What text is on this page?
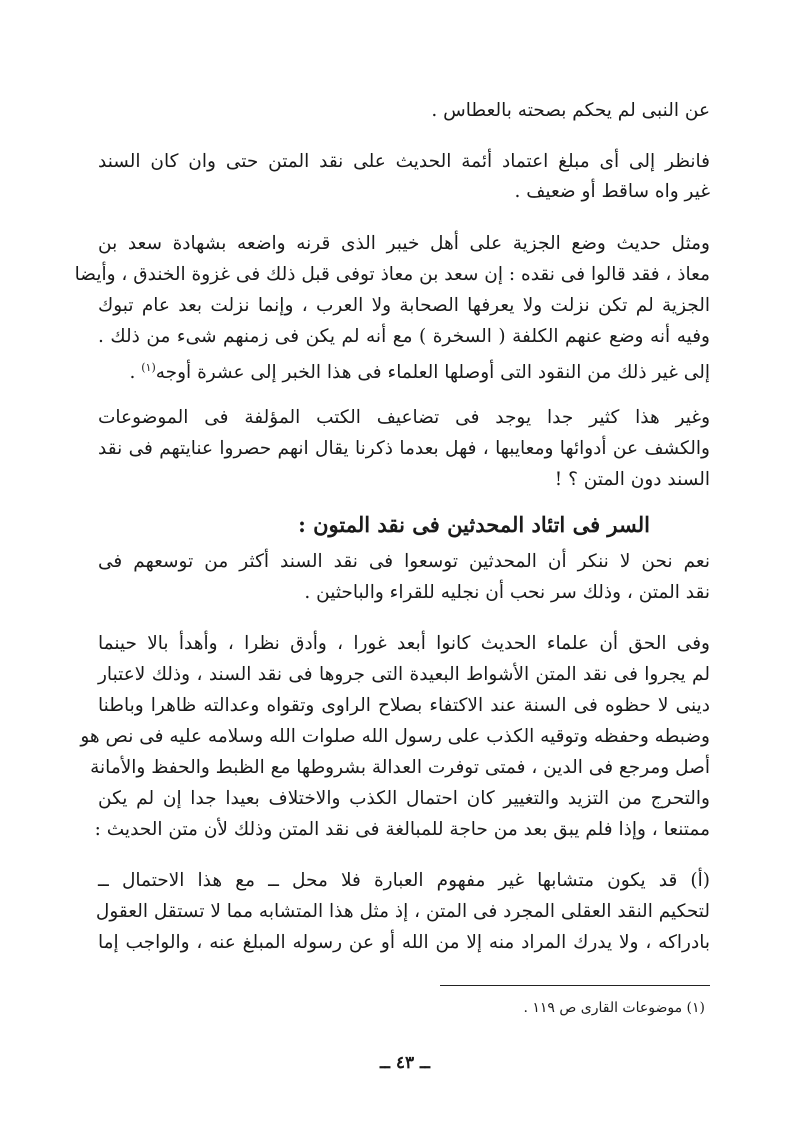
عن النبى لم يحكم بصحته بالعطاس .
فانظر إلى أى مبلغ اعتماد أئمة الحديث على نقد المتن حتى وان كان السند
غير واه ساقط أو ضعيف .
ومثل حديث وضع الجزية على أهل خيبر الذى قرنه واضعه بشهادة سعد بن
معاذ ، فقد قالوا فى نقده : إن سعد بن معاذ توفى قبل ذلك فى غزوة الخندق ، وأيضا
الجزية لم تكن نزلت ولا يعرفها الصحابة ولا العرب ، وإنما نزلت بعد عام تبوك
وفيه أنه وضع عنهم الكلفة ( السخرة ) مع أنه لم يكن فى زمنهم شىء من ذلك .
إلى غير ذلك من النقود التى أوصلها العلماء فى هذا الخبر إلى عشرة أوجه$^{(١)}$ .
وغير هذا كثير جدا يوجد فى تضاعيف الكتب المؤلفة فى الموضوعات
والكشف عن أدوائها ومعايبها ، فهل بعدما ذكرنا يقال انهم حصروا عنايتهم فى نقد
السند دون المتن ؟ !
السر فى اتئاد المحدثين فى نقد المتون :
نعم نحن لا ننكر أن المحدثين توسعوا فى نقد السند أكثر من توسعهم فى
نقد المتن ، وذلك سر نحب أن نجليه للقراء والباحثين .
وفى الحق أن علماء الحديث كانوا أبعد غورا ، وأدق نظرا ، وأهدأ بالا حينما
لم يجروا فى نقد المتن الأشواط البعيدة التى جروها فى نقد السند ، وذلك لاعتبار
دينى لا حظوه فى السنة عند الاكتفاء بصلاح الراوى وتقواه وعدالته ظاهرا وباطنا
وضبطه وحفظه وتوقيه الكذب على رسول الله صلوات الله وسلامه عليه فى نص هو
أصل ومرجع فى الدين ، فمتى توفرت العدالة بشروطها مع الظبط والحفظ والأمانة
والتحرج من التزيد والتغيير كان احتمال الكذب والاختلاف بعيدا جدا إن لم يكن
ممتنعا ، وإذا فلم يبق بعد من حاجة للمبالغة فى نقد المتن وذلك لأن متن الحديث :
(أ) قد يكون متشابها غير مفهوم العبارة فلا محل ــ مع هذا الاحتمال ــ
لتحكيم النقد العقلى المجرد فى المتن ، إذ مثل هذا المتشابه مما لا تستقل العقول
بادراكه ، ولا يدرك المراد منه إلا من الله أو عن رسوله المبلغ عنه ، والواجب إما
(١) موضوعات القارى ص ١١٩ .
ــ ٤٣ ــ
